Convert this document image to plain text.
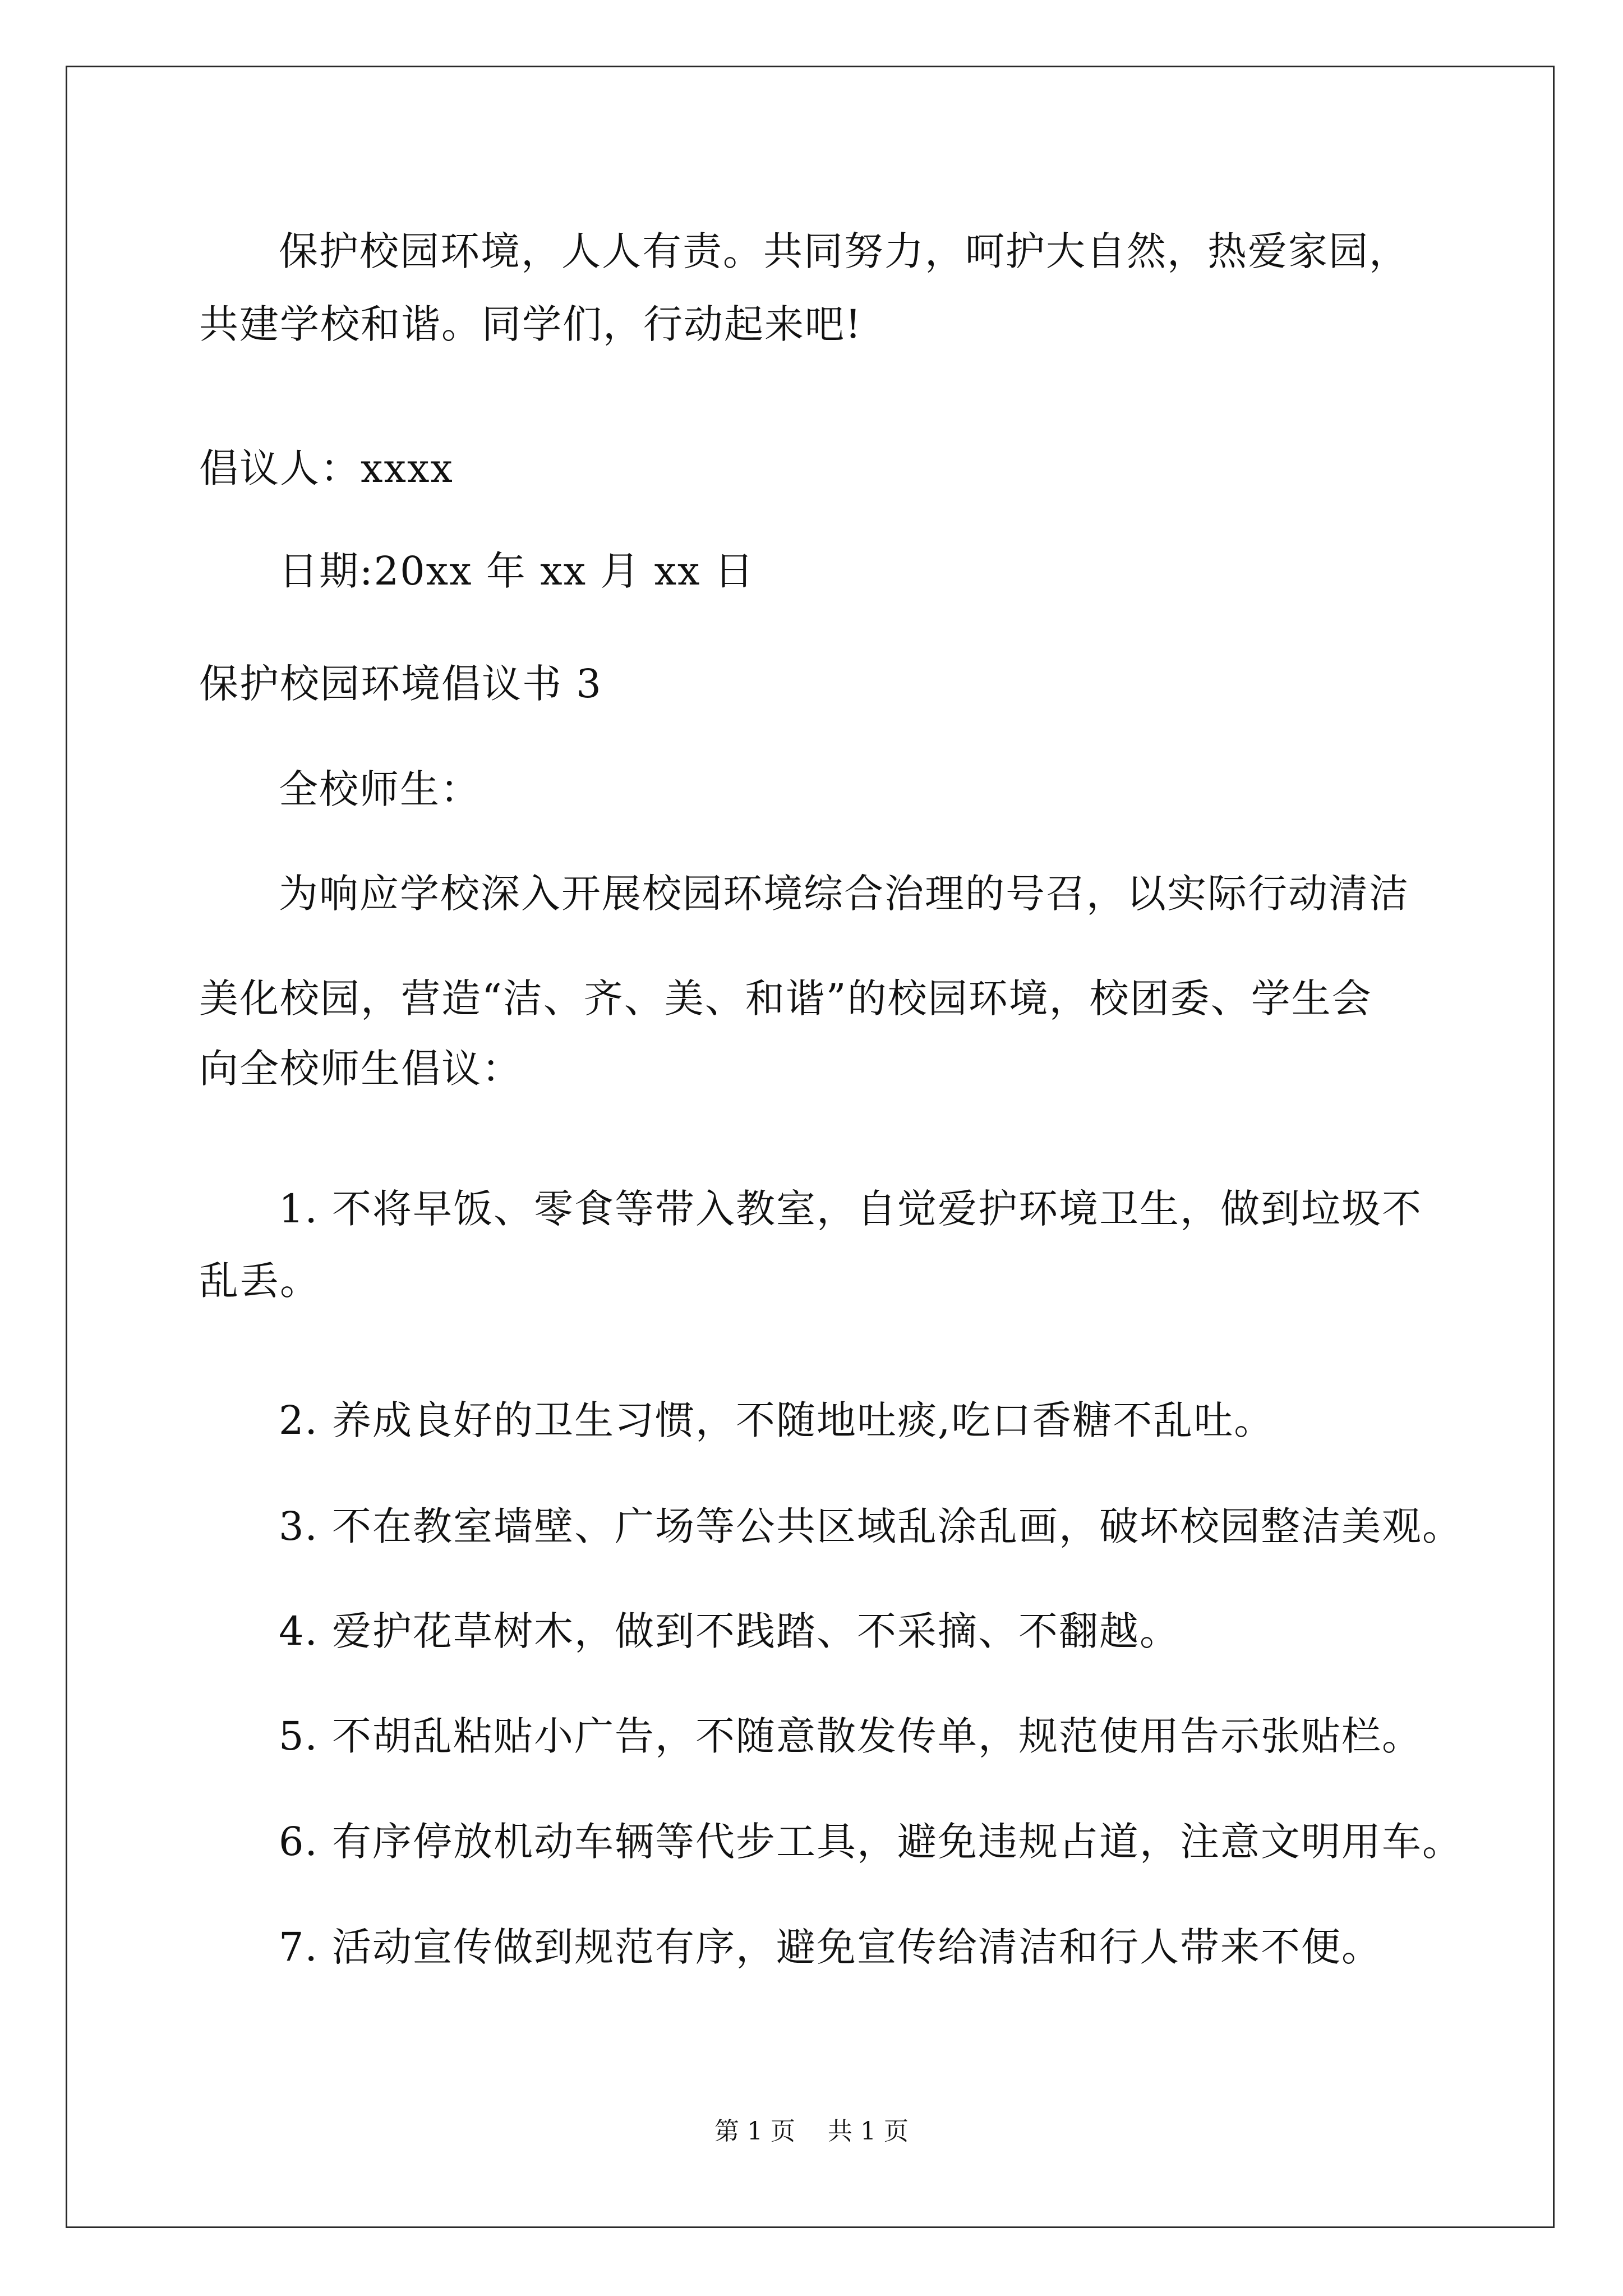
保护校园环境，人人有责。共同努力，呵护大自然，热爱家园，
共建学校和谐。同学们，行动起来吧!
倡议人：xxxx
日期:20xx 年 xx 月 xx 日
保护校园环境倡议书 3
全校师生：
为响应学校深入开展校园环境综合治理的号召，以实际行动清洁
美化校园，营造“洁、齐、美、和谐”的校园环境，校团委、学生会
向全校师生倡议：
1. 不将早饭、零食等带入教室，自觉爱护环境卫生，做到垃圾不
乱丢。
2. 养成良好的卫生习惯，不随地吐痰,吃口香糖不乱吐。
3. 不在教室墙壁、广场等公共区域乱涂乱画，破坏校园整洁美观。
4. 爱护花草树木，做到不践踏、不采摘、不翻越。
5. 不胡乱粘贴小广告，不随意散发传单，规范使用告示张贴栏。
6. 有序停放机动车辆等代步工具，避免违规占道，注意文明用车。
7. 活动宣传做到规范有序，避免宣传给清洁和行人带来不便。
第 1 页 共 1 页
